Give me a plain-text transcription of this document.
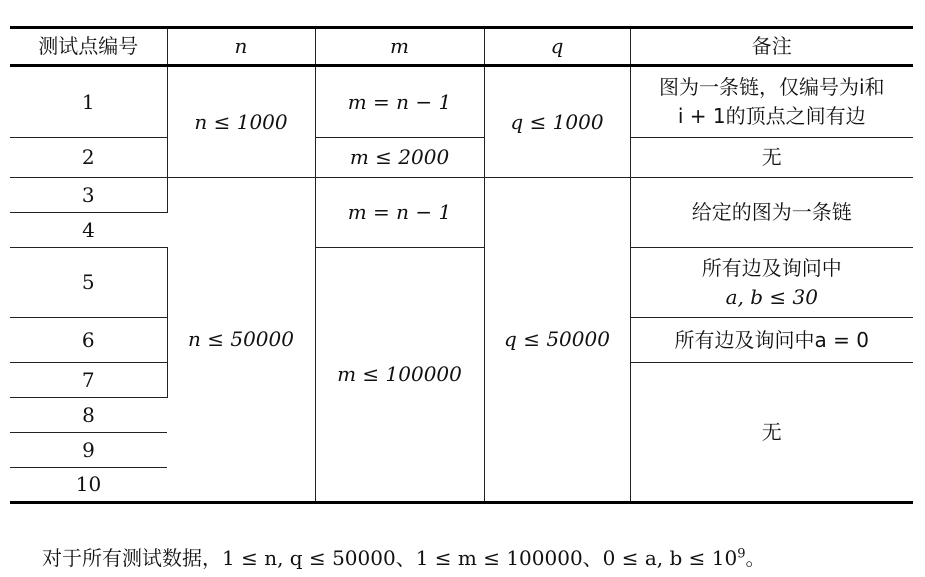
测试点编号	n	m	q	备注
1	n ≤ 1000	m = n − 1	q ≤ 1000	图为一条链，仅编号为i和
i + 1的顶点之间有边

2		m ≤ 2000		无
3	n ≤ 50000	m = n − 1	q ≤ 50000	给定的图为一条链
4				
5		m ≤ 100000		所有边及询问中
a, b ≤ 30

6				所有边及询问中a = 0
7				无
8				
9				
10				
对于所有测试数据，1 ≤ n, q ≤ 50000、1 ≤ m ≤ 100000、0 ≤ a, $b \le 10^9$。
